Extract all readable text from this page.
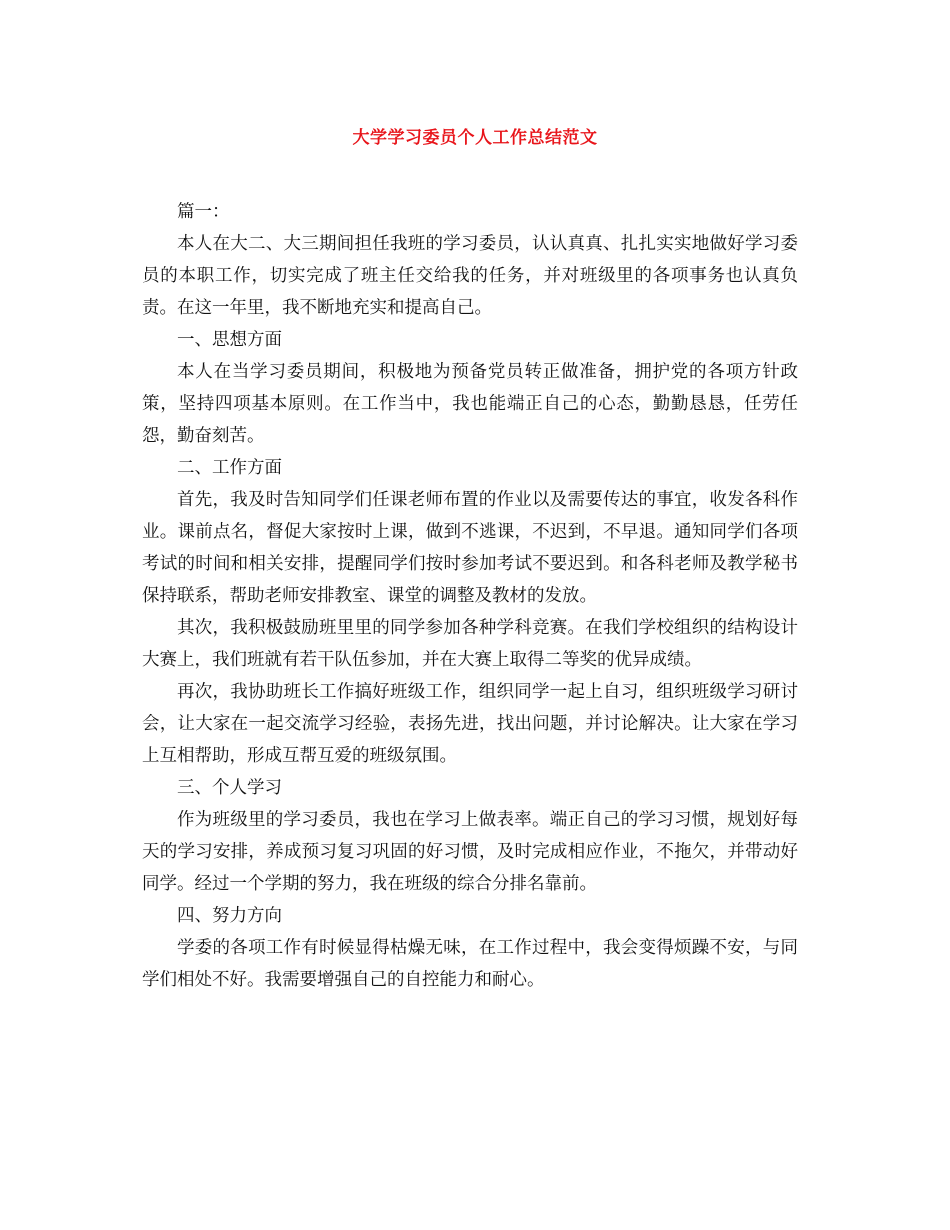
大学学习委员个人工作总结范文

篇一：

本人在大二、大三期间担任我班的学习委员，认认真真、扎扎实实地做好学习委员的本职工作，切实完成了班主任交给我的任务，并对班级里的各项事务也认真负责。在这一年里，我不断地充实和提高自己。

一、思想方面

本人在当学习委员期间，积极地为预备党员转正做准备，拥护党的各项方针政策，坚持四项基本原则。在工作当中，我也能端正自己的心态，勤勤恳恳，任劳任怨，勤奋刻苦。

二、工作方面

首先，我及时告知同学们任课老师布置的作业以及需要传达的事宜，收发各科作业。课前点名，督促大家按时上课，做到不逃课，不迟到，不早退。通知同学们各项考试的时间和相关安排，提醒同学们按时参加考试不要迟到。和各科老师及教学秘书保持联系，帮助老师安排教室、课堂的调整及教材的发放。

其次，我积极鼓励班里里的同学参加各种学科竞赛。在我们学校组织的结构设计大赛上，我们班就有若干队伍参加，并在大赛上取得二等奖的优异成绩。

再次，我协助班长工作搞好班级工作，组织同学一起上自习，组织班级学习研讨会，让大家在一起交流学习经验，表扬先进，找出问题，并讨论解决。让大家在学习上互相帮助，形成互帮互爱的班级氛围。

三、个人学习

作为班级里的学习委员，我也在学习上做表率。端正自己的学习习惯，规划好每天的学习安排，养成预习复习巩固的好习惯，及时完成相应作业，不拖欠，并带动好同学。经过一个学期的努力，我在班级的综合分排名靠前。

四、努力方向

学委的各项工作有时候显得枯燥无味，在工作过程中，我会变得烦躁不安，与同学们相处不好。我需要增强自己的自控能力和耐心。
